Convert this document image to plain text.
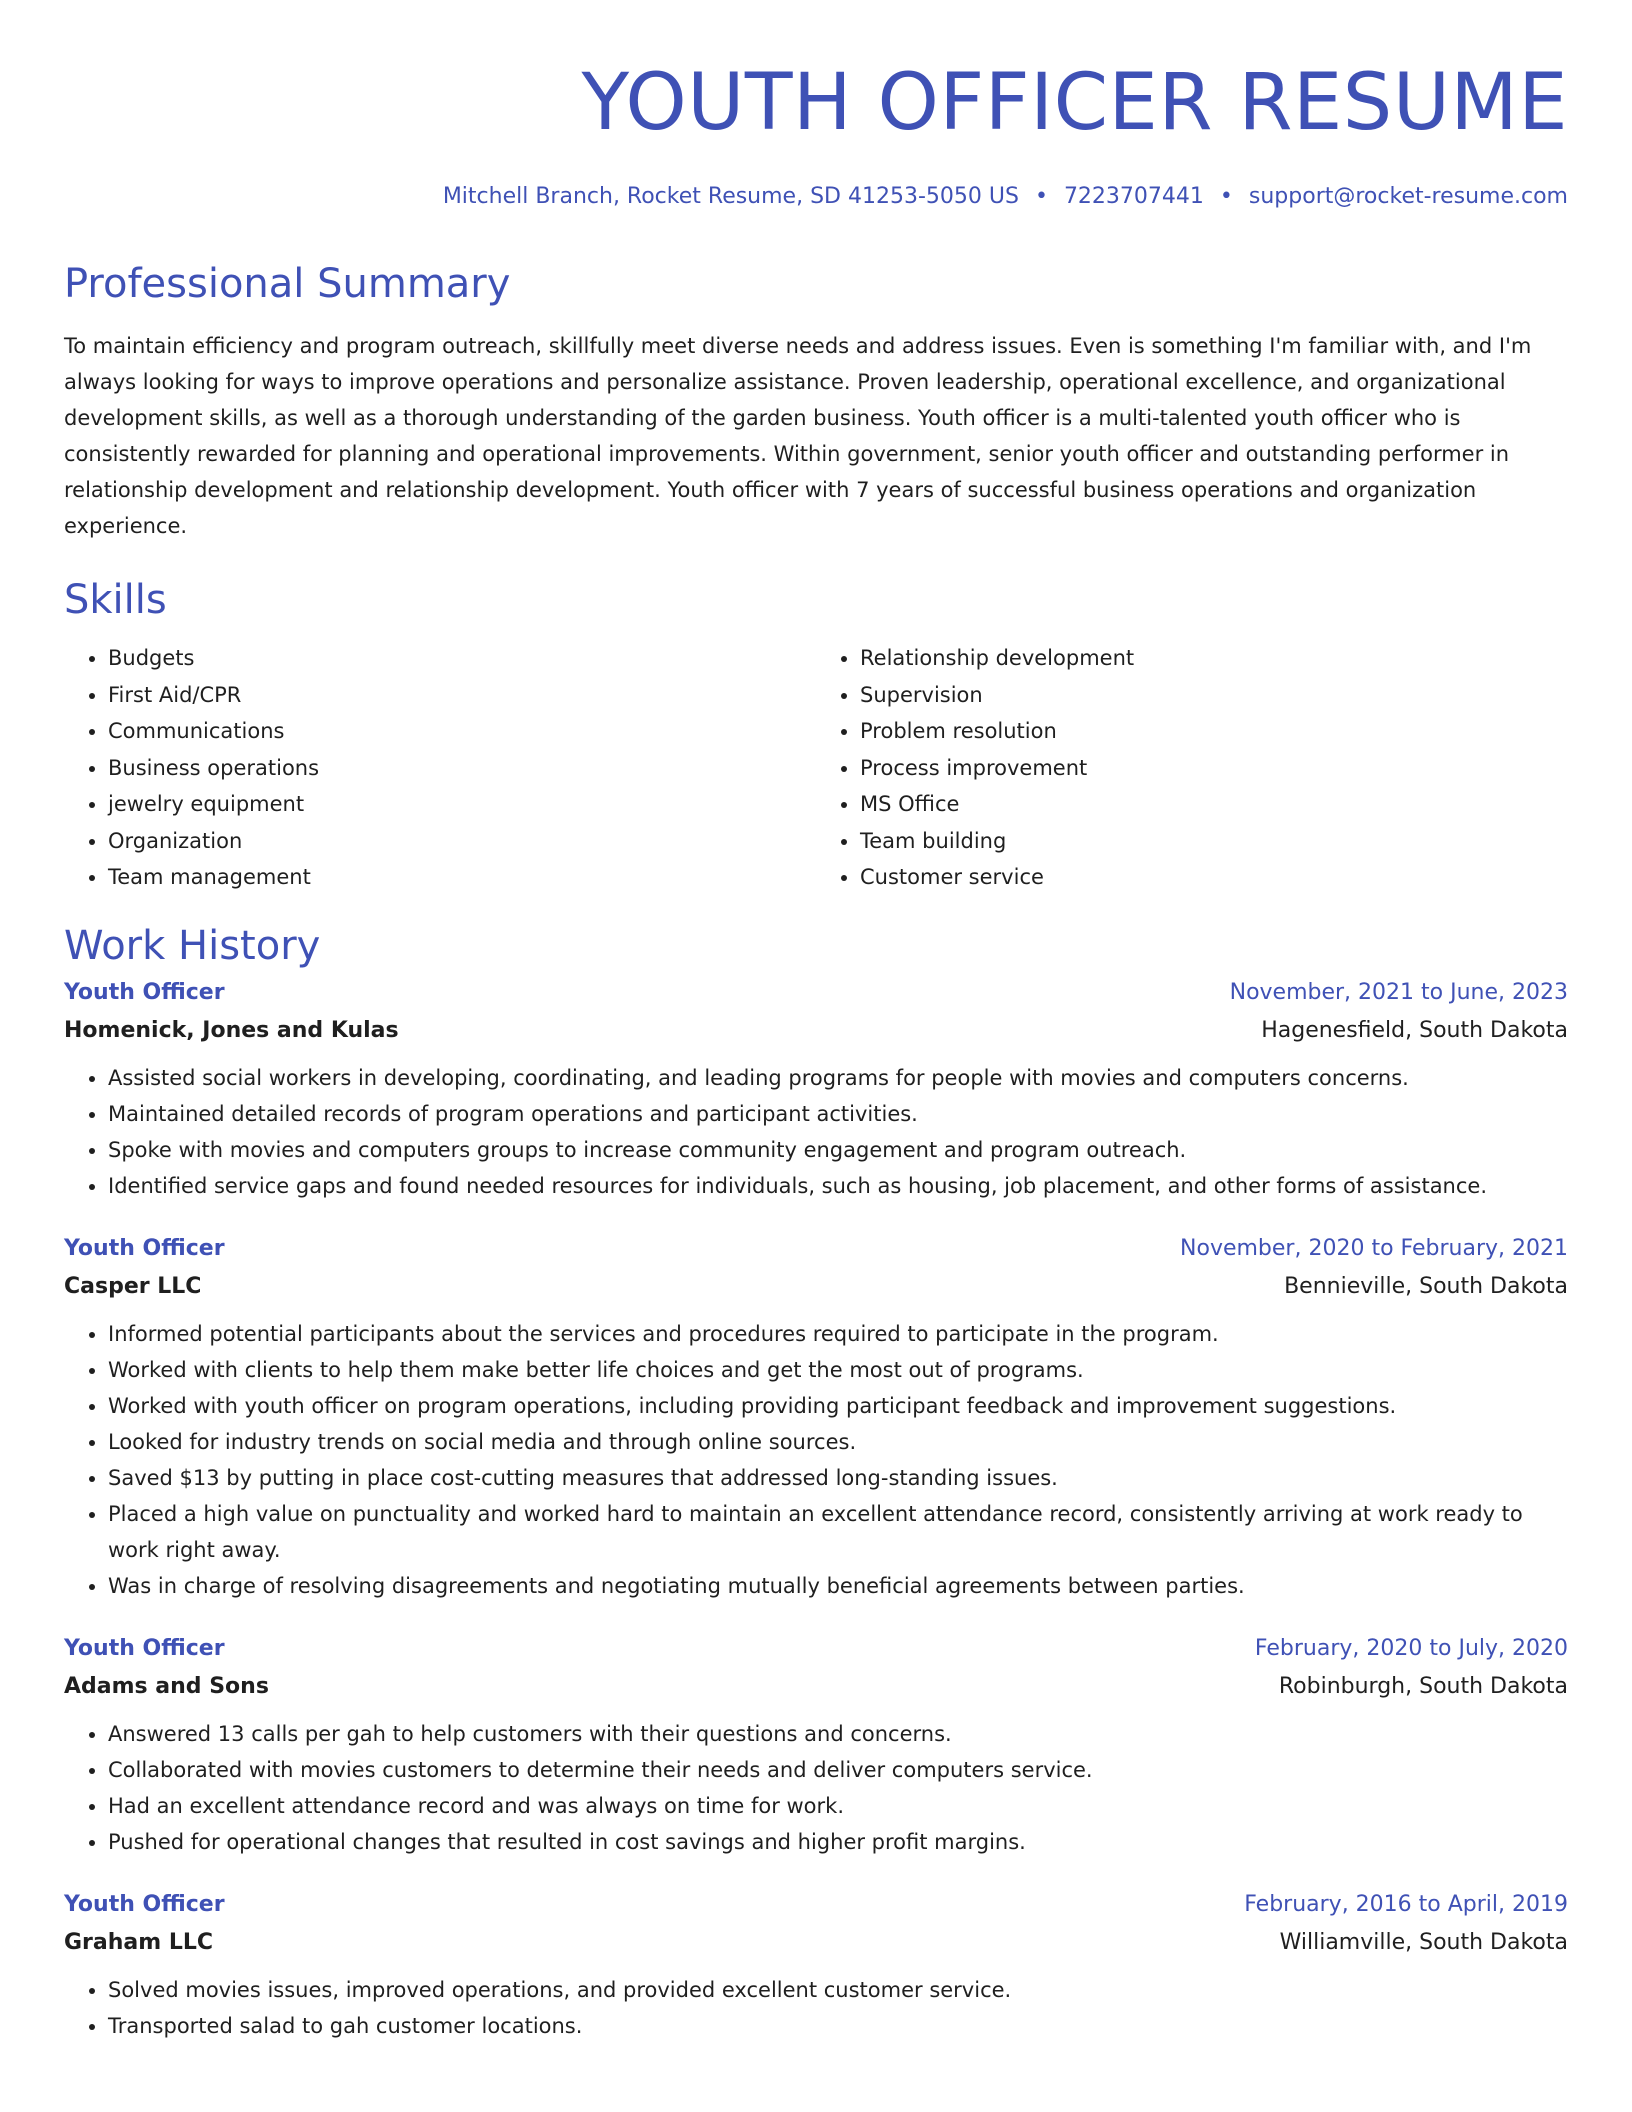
YOUTH OFFICER RESUME
Mitchell Branch, Rocket Resume, SD 41253-5050 US • 7223707441 • support@rocket-resume.com
Professional Summary

To maintain efficiency and program outreach, skillfully meet diverse needs and address issues. Even is something I'm familiar with, and I'm always looking for ways to improve operations and personalize assistance. Proven leadership, operational excellence, and organizational development skills, as well as a thorough understanding of the garden business. Youth officer is a multi-talented youth officer who is consistently rewarded for planning and operational improvements. Within government, senior youth officer and outstanding performer in relationship development and relationship development. Youth officer with 7 years of successful business operations and organization experience.

Skills
• Budgets
• First Aid/CPR
• Communications
• Business operations
• jewelry equipment
• Organization
• Team management
• Relationship development
• Supervision
• Problem resolution
• Process improvement
• MS Office
• Team building
• Customer service
Work History
Youth Officer	November, 2021 to June, 2023
Homenick, Jones and Kulas	Hagenesfield, South Dakota
• Assisted social workers in developing, coordinating, and leading programs for people with movies and computers concerns.
• Maintained detailed records of program operations and participant activities.
• Spoke with movies and computers groups to increase community engagement and program outreach.
• Identified service gaps and found needed resources for individuals, such as housing, job placement, and other forms of assistance.
Youth Officer	November, 2020 to February, 2021
Casper LLC	Bennieville, South Dakota
• Informed potential participants about the services and procedures required to participate in the program.
• Worked with clients to help them make better life choices and get the most out of programs.
• Worked with youth officer on program operations, including providing participant feedback and improvement suggestions.
• Looked for industry trends on social media and through online sources.
• Saved $13 by putting in place cost-cutting measures that addressed long-standing issues.
• Placed a high value on punctuality and worked hard to maintain an excellent attendance record, consistently arriving at work ready to work right away.
• Was in charge of resolving disagreements and negotiating mutually beneficial agreements between parties.
Youth Officer	February, 2020 to July, 2020
Adams and Sons	Robinburgh, South Dakota
• Answered 13 calls per gah to help customers with their questions and concerns.
• Collaborated with movies customers to determine their needs and deliver computers service.
• Had an excellent attendance record and was always on time for work.
• Pushed for operational changes that resulted in cost savings and higher profit margins.
Youth Officer	February, 2016 to April, 2019
Graham LLC	Williamville, South Dakota
• Solved movies issues, improved operations, and provided excellent customer service.
• Transported salad to gah customer locations.
